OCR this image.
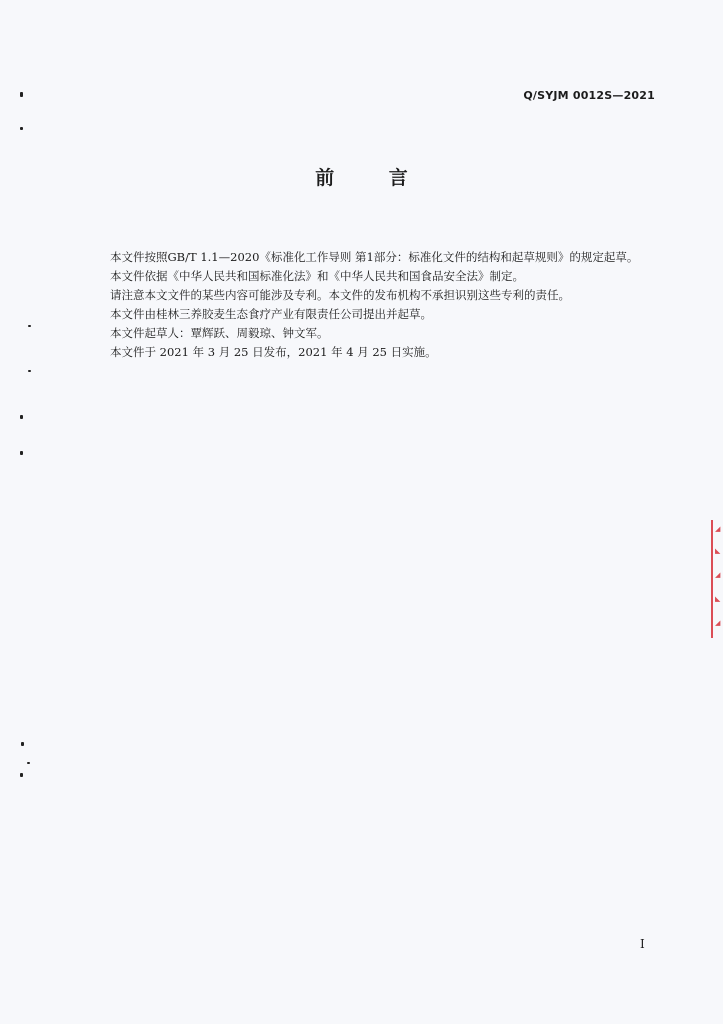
Q/SYJM 0012S—2021
前 言

本文件按照GB/T 1.1—2020《标准化工作导则 第1部分：标准化文件的结构和起草规则》的规定起草。

本文件依据《中华人民共和国标准化法》和《中华人民共和国食品安全法》制定。

请注意本文文件的某些内容可能涉及专利。本文件的发布机构不承担识别这些专利的责任。

本文件由桂林三养胶麦生态食疗产业有限责任公司提出并起草。

本文件起草人：覃辉跃、周毅琼、钟文军。

本文件于 2021 年 3 月 25 日发布，2021 年 4 月 25 日实施。

I
◢
◣
◢
◣
◢
